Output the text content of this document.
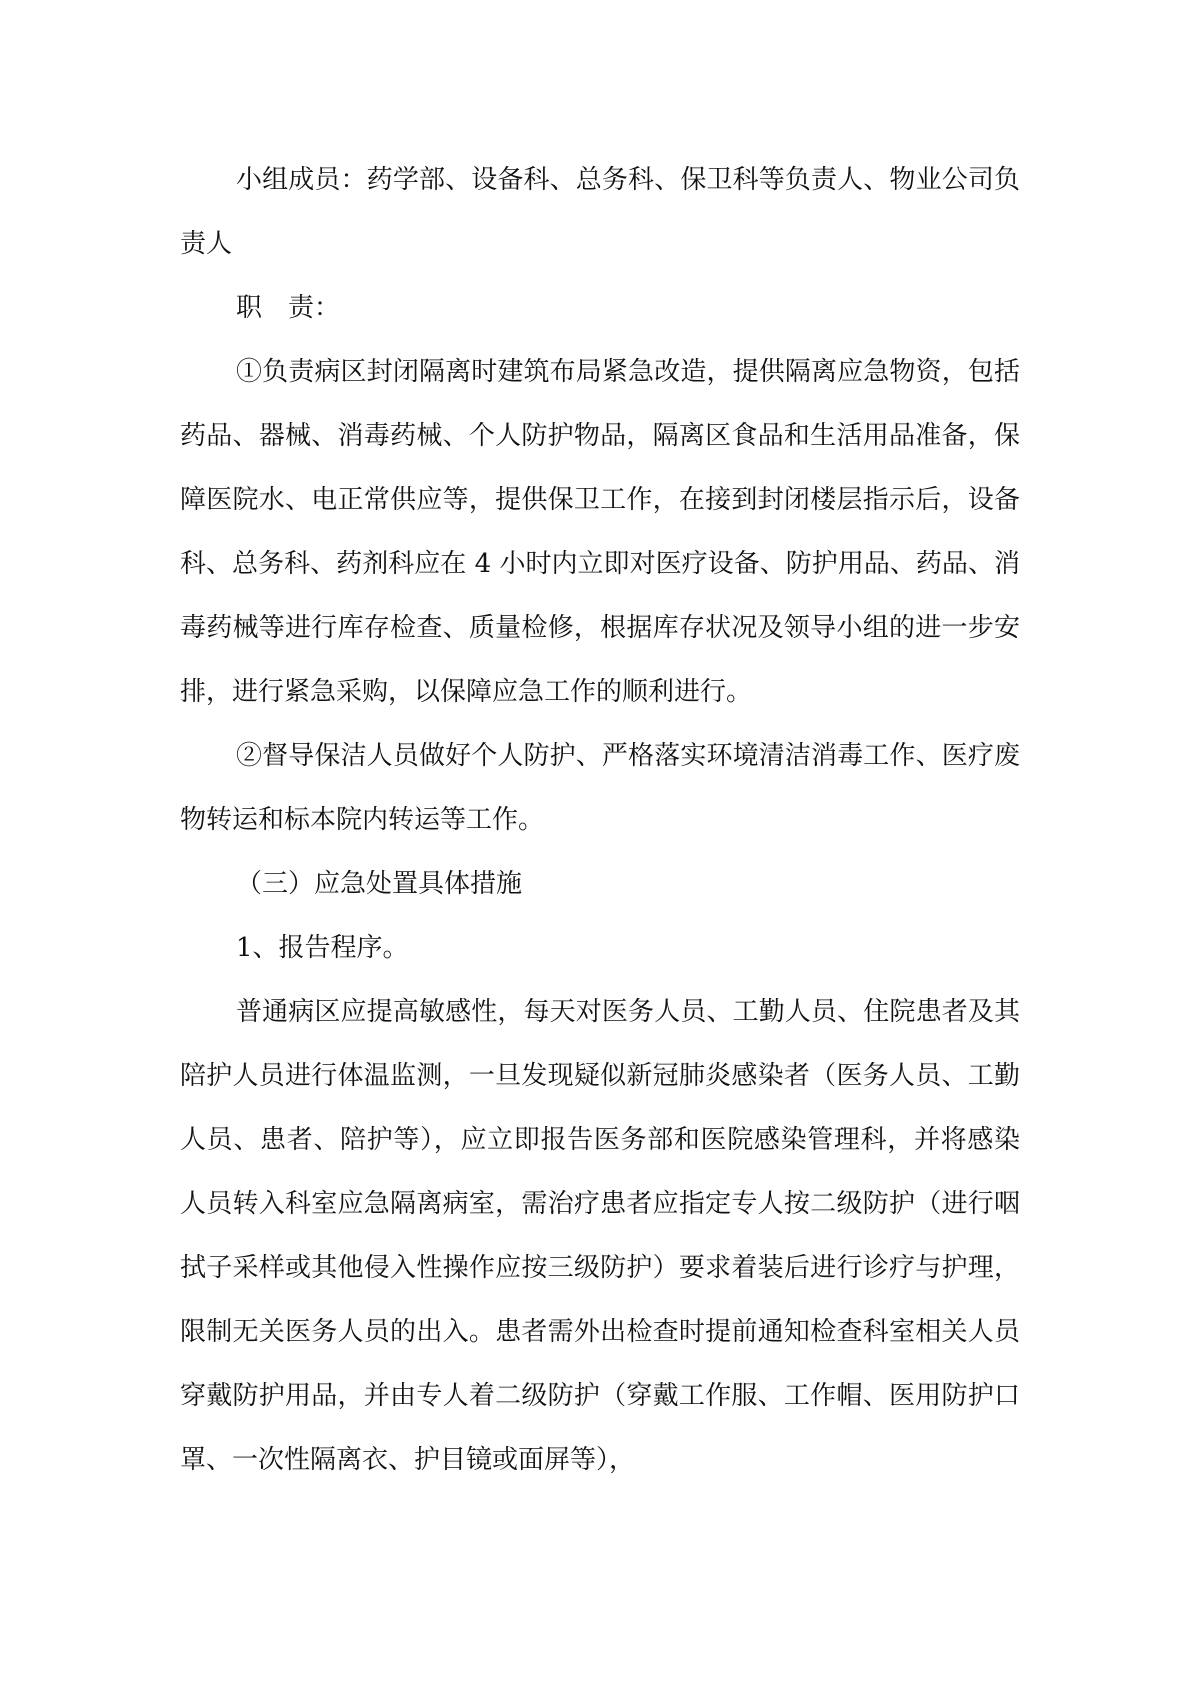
小组成员：药学部、设备科、总务科、保卫科等负责人、物业公司负责人

职　责：

①负责病区封闭隔离时建筑布局紧急改造，提供隔离应急物资，包括药品、器械、消毒药械、个人防护物品，隔离区食品和生活用品准备，保障医院水、电正常供应等，提供保卫工作，在接到封闭楼层指示后，设备科、总务科、药剂科应在 4 小时内立即对医疗设备、防护用品、药品、消毒药械等进行库存检查、质量检修，根据库存状况及领导小组的进一步安排，进行紧急采购，以保障应急工作的顺利进行。

②督导保洁人员做好个人防护、严格落实环境清洁消毒工作、医疗废物转运和标本院内转运等工作。

（三）应急处置具体措施

1、报告程序。

普通病区应提高敏感性，每天对医务人员、工勤人员、住院患者及其陪护人员进行体温监测，一旦发现疑似新冠肺炎感染者（医务人员、工勤人员、患者、陪护等），应立即报告医务部和医院感染管理科，并将感染人员转入科室应急隔离病室，需治疗患者应指定专人按二级防护（进行咽拭子采样或其他侵入性操作应按三级防护）要求着装后进行诊疗与护理，限制无关医务人员的出入。患者需外出检查时提前通知检查科室相关人员穿戴防护用品，并由专人着二级防护（穿戴工作服、工作帽、医用防护口罩、一次性隔离衣、护目镜或面屏等），
